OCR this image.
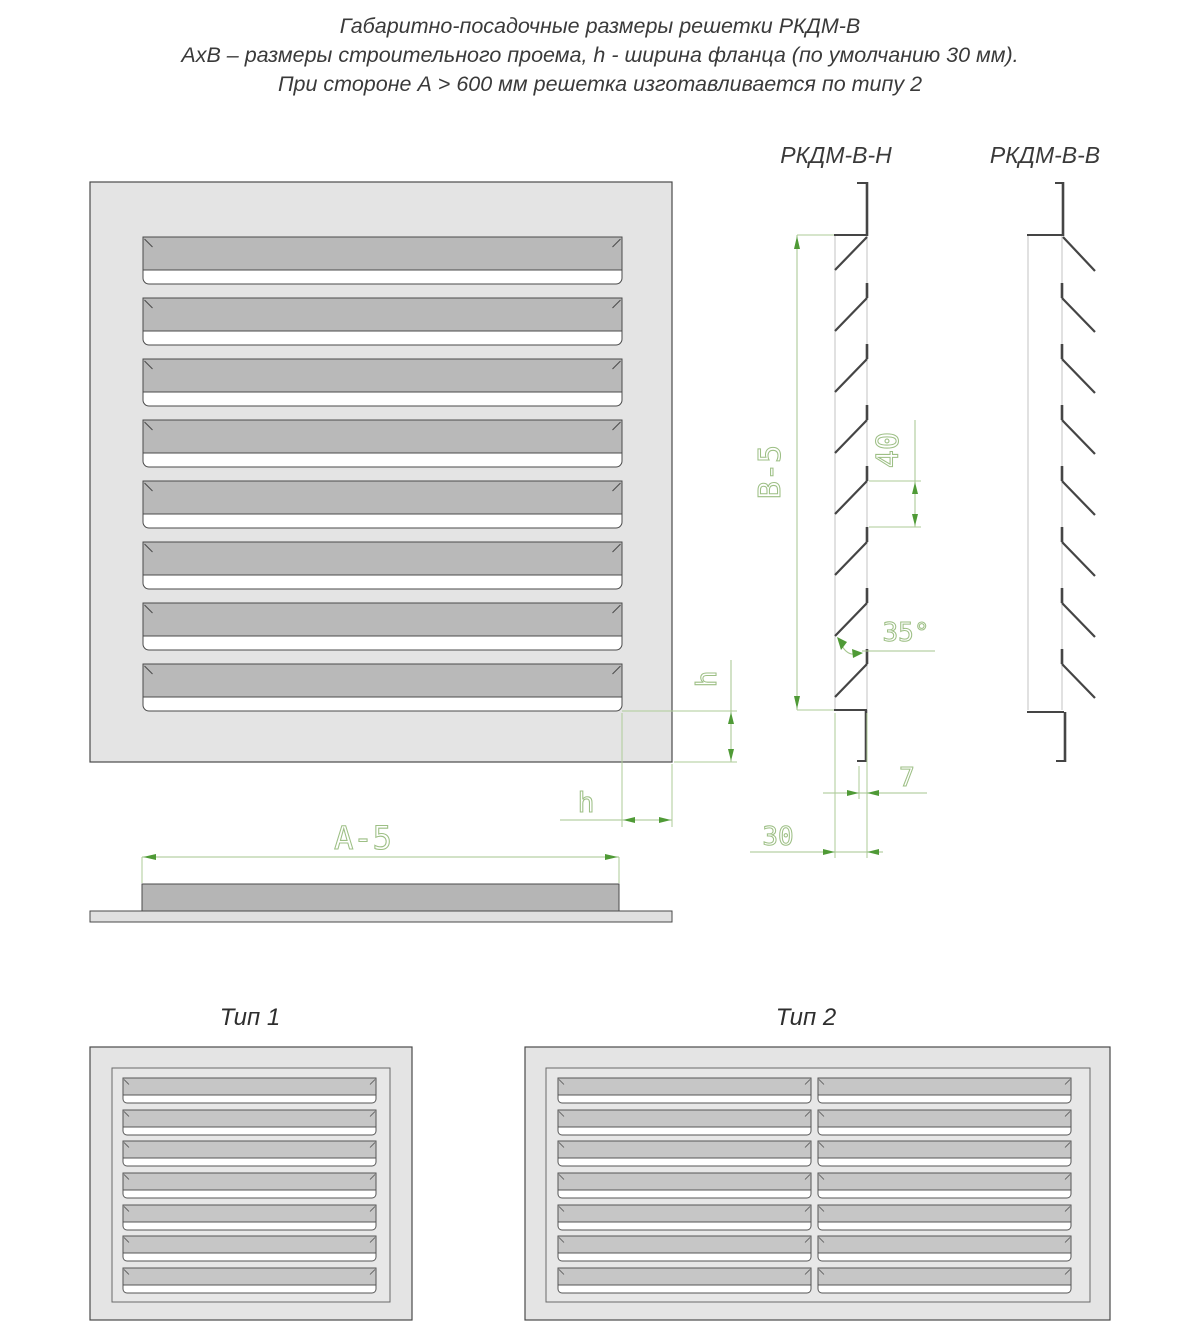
Габаритно-посадочные размеры решетки РКДМ-В
АхВ – размеры строительного проема, h - ширина фланца (по умолчанию 30 мм).
При стороне А > 600 мм решетка изготавливается по типу 2
РКДМ-В-Н	РКДМ-В-В
h
h
А-5
В-5	40
35°
7
30
Тип 1	Тип 2
